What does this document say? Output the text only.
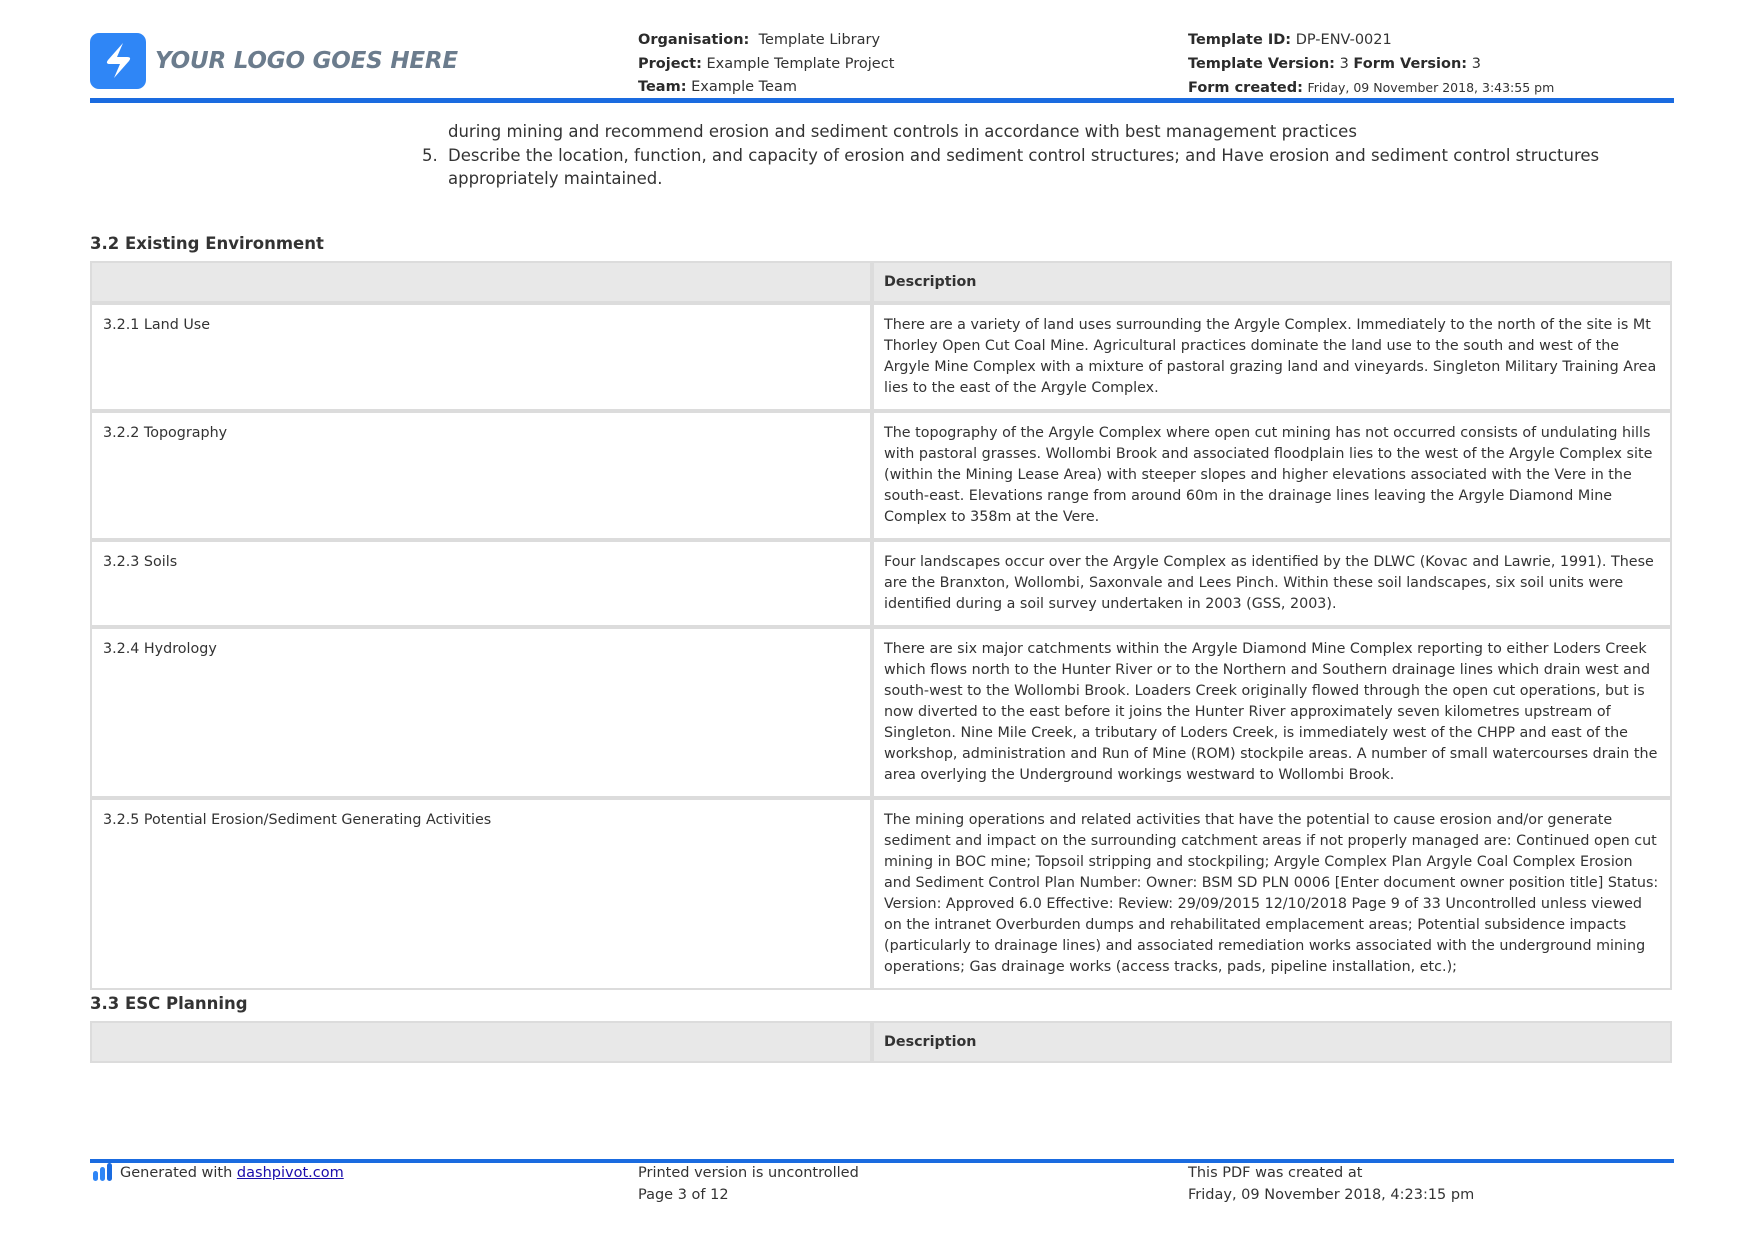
YOUR LOGO GOES HERE
Organisation: Template Library
Project: Example Template Project
Team: Example Team
Template ID: DP-ENV-0021
Template Version: 3 Form Version: 3
Form created: Friday, 09 November 2018, 3:43:55 pm

during mining and recommend erosion and sediment controls in accordance with best management practices

5. Describe the location, function, and capacity of erosion and sediment control structures; and Have erosion and sediment control structures appropriately maintained.

3.2 Existing Environment
	Description
3.2.1 Land Use	There are a variety of land uses surrounding the Argyle Complex. Immediately to the north of the site is Mt Thorley Open Cut Coal Mine. Agricultural practices dominate the land use to the south and west of the Argyle Mine Complex with a mixture of pastoral grazing land and vineyards. Singleton Military Training Area lies to the east of the Argyle Complex.
3.2.2 Topography	The topography of the Argyle Complex where open cut mining has not occurred consists of undulating hills with pastoral grasses. Wollombi Brook and associated floodplain lies to the west of the Argyle Complex site (within the Mining Lease Area) with steeper slopes and higher elevations associated with the Vere in the south-east. Elevations range from around 60m in the drainage lines leaving the Argyle Diamond Mine Complex to 358m at the Vere.
3.2.3 Soils	Four landscapes occur over the Argyle Complex as identified by the DLWC (Kovac and Lawrie, 1991). These are the Branxton, Wollombi, Saxonvale and Lees Pinch. Within these soil landscapes, six soil units were identified during a soil survey undertaken in 2003 (GSS, 2003).
3.2.4 Hydrology	There are six major catchments within the Argyle Diamond Mine Complex reporting to either Loders Creek which flows north to the Hunter River or to the Northern and Southern drainage lines which drain west and south-west to the Wollombi Brook. Loaders Creek originally flowed through the open cut operations, but is now diverted to the east before it joins the Hunter River approximately seven kilometres upstream of Singleton. Nine Mile Creek, a tributary of Loders Creek, is immediately west of the CHPP and east of the workshop, administration and Run of Mine (ROM) stockpile areas. A number of small watercourses drain the area overlying the Underground workings westward to Wollombi Brook.
3.2.5 Potential Erosion/Sediment Generating Activities	The mining operations and related activities that have the potential to cause erosion and/or generate sediment and impact on the surrounding catchment areas if not properly managed are: Continued open cut mining in BOC mine; Topsoil stripping and stockpiling; Argyle Complex Plan Argyle Coal Complex Erosion and Sediment Control Plan Number: Owner: BSM SD PLN 0006 [Enter document owner position title] Status: Version: Approved 6.0 Effective: Review: 29/09/2015 12/10/2018 Page 9 of 33 Uncontrolled unless viewed on the intranet Overburden dumps and rehabilitated emplacement areas; Potential subsidence impacts (particularly to drainage lines) and associated remediation works associated with the underground mining operations; Gas drainage works (access tracks, pads, pipeline installation, etc.);
3.3 ESC Planning
	Description
Generated with dashpivot.com	Printed version is uncontrolled
Page 3 of 12
This PDF was created at
Friday, 09 November 2018, 4:23:15 pm
